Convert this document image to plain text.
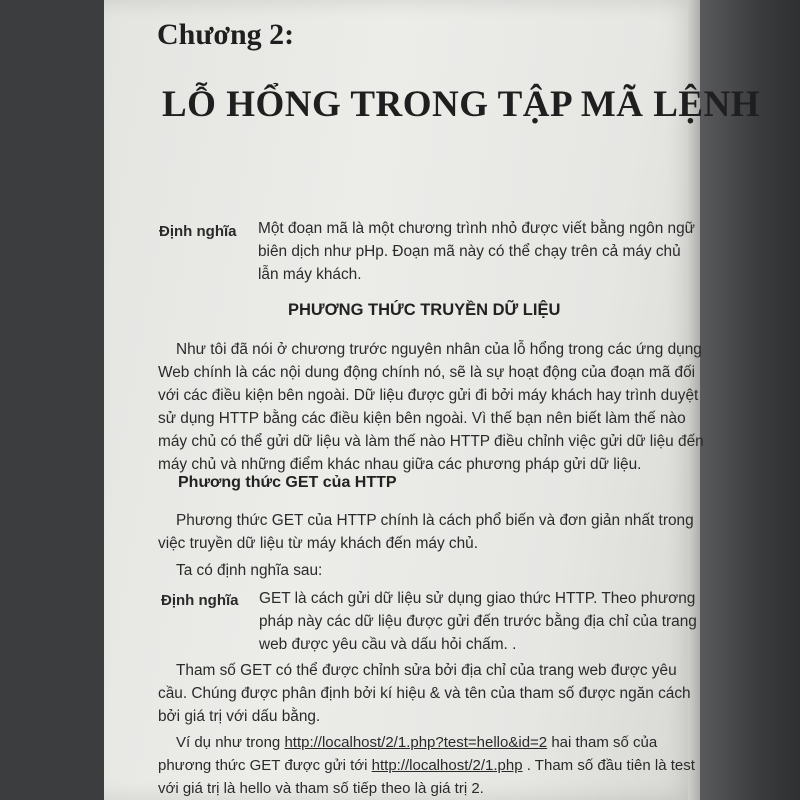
Chương 2:
LỖ HỔNG TRONG TẬP MÃ LỆNH
Định nghĩa Một đoạn mã là một chương trình nhỏ được viết bằng ngôn ngữ
biên dịch như pHp. Đoạn mã này có thể chạy trên cả máy chủ
lẫn máy khách.
PHƯƠNG THỨC TRUYỀN DỮ LIỆU
Như tôi đã nói ở chương trước nguyên nhân của lỗ hổng trong các ứng dụng
Web chính là các nội dung động chính nó, sẽ là sự hoạt động của đoạn mã đối
với các điều kiện bên ngoài. Dữ liệu được gửi đi bởi máy khách hay trình duyệt
sử dụng HTTP bằng các điều kiện bên ngoài. Vì thế bạn nên biết làm thế nào
máy chủ có thể gửi dữ liệu và làm thế nào HTTP điều chỉnh việc gửi dữ liệu đến
máy chủ và những điểm khác nhau giữa các phương pháp gửi dữ liệu.
Phương thức GET của HTTP
Phương thức GET của HTTP chính là cách phổ biến và đơn giản nhất trong
việc truyền dữ liệu từ máy khách đến máy chủ.
Ta có định nghĩa sau:
Định nghĩa GET là cách gửi dữ liệu sử dụng giao thức HTTP. Theo phương
pháp này các dữ liệu được gửi đến trước bằng địa chỉ của trang
web được yêu cầu và dấu hỏi chấm. .
Tham số GET có thể được chỉnh sửa bởi địa chỉ của trang web được yêu
cầu. Chúng được phân định bởi kí hiệu & và tên của tham số được ngăn cách
bởi giá trị với dấu bằng.
Ví dụ như trong http://localhost/2/1.php?test=hello&id=2 hai tham số của
phương thức GET được gửi tới http://localhost/2/1.php . Tham số đầu tiên là test
với giá trị là hello và tham số tiếp theo là giá trị 2.
